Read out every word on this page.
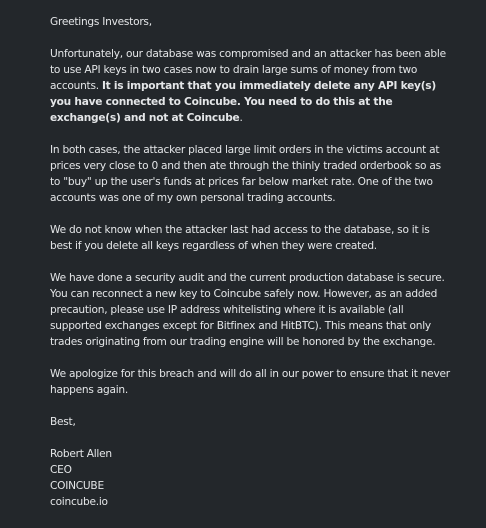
Greetings Investors,

Unfortunately, our database was compromised and an attacker has been able to use API keys in two cases now to drain large sums of money from two accounts. It is important that you immediately delete any API key(s) you have connected to Coincube. You need to do this at the exchange(s) and not at Coincube.

In both cases, the attacker placed large limit orders in the victims account at prices very close to 0 and then ate through the thinly traded orderbook so as to "buy" up the user's funds at prices far below market rate. One of the two accounts was one of my own personal trading accounts.

We do not know when the attacker last had access to the database, so it is best if you delete all keys regardless of when they were created.

We have done a security audit and the current production database is secure. You can reconnect a new key to Coincube safely now. However, as an added precaution, please use IP address whitelisting where it is available (all supported exchanges except for Bitfinex and HitBTC). This means that only trades originating from our trading engine will be honored by the exchange.

We apologize for this breach and will do all in our power to ensure that it never happens again.

Best,

Robert Allen

CEO

COINCUBE

coincube.io
